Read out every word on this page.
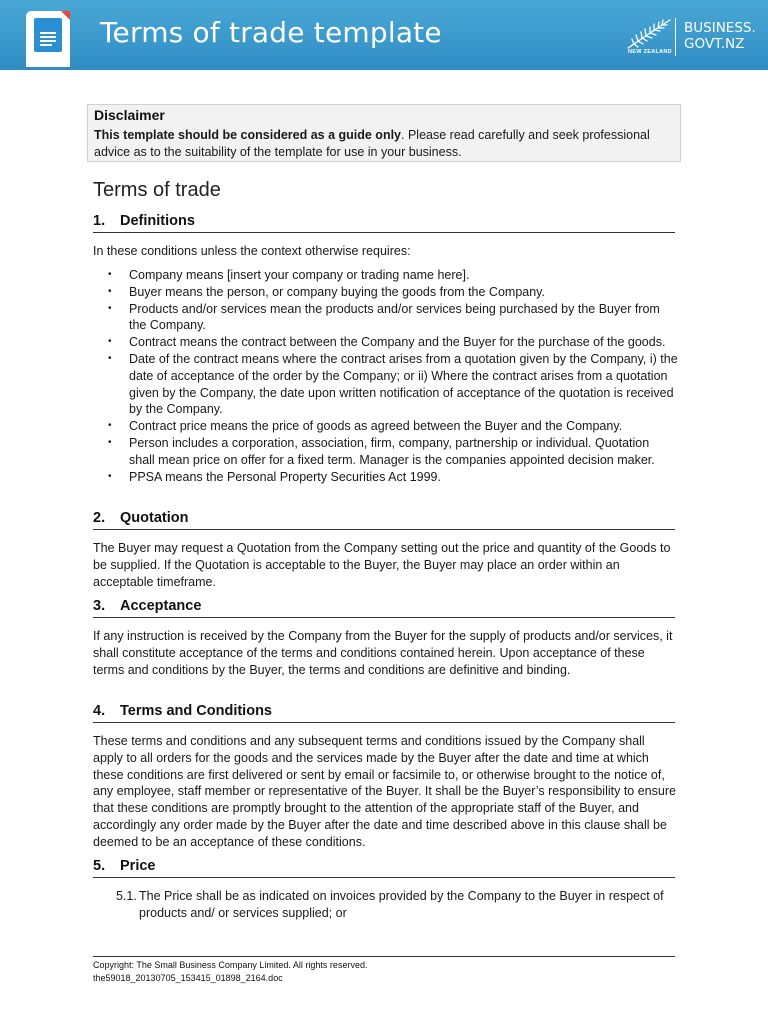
Terms of trade template
NEW ZEALAND
BUSINESS.
GOVT.NZ
Disclaimer

This template should be considered as a guide only. Please read carefully and seek professional advice as to the suitability of the template for use in your business.

Terms of trade
1. Definitions
In these conditions unless the context otherwise requires:
• Company means [insert your company or trading name here].
• Buyer means the person, or company buying the goods from the Company.
• Products and/or services mean the products and/or services being purchased by the Buyer from the Company.
• Contract means the contract between the Company and the Buyer for the purchase of the goods.
• Date of the contract means where the contract arises from a quotation given by the Company, i) the date of acceptance of the order by the Company; or ii) Where the contract arises from a quotation given by the Company, the date upon written notification of acceptance of the quotation is received by the Company.
• Contract price means the price of goods as agreed between the Buyer and the Company.
• Person includes a corporation, association, firm, company, partnership or individual. Quotation shall mean price on offer for a fixed term. Manager is the companies appointed decision maker.
• PPSA means the Personal Property Securities Act 1999.
2. Quotation
The Buyer may request a Quotation from the Company setting out the price and quantity of the Goods to be supplied. If the Quotation is acceptable to the Buyer, the Buyer may place an order within an acceptable timeframe.
3. Acceptance
If any instruction is received by the Company from the Buyer for the supply of products and/or services, it shall constitute acceptance of the terms and conditions contained herein. Upon acceptance of these terms and conditions by the Buyer, the terms and conditions are definitive and binding.
4. Terms and Conditions
These terms and conditions and any subsequent terms and conditions issued by the Company shall apply to all orders for the goods and the services made by the Buyer after the date and time at which these conditions are first delivered or sent by email or facsimile to, or otherwise brought to the notice of, any employee, staff member or representative of the Buyer. It shall be the Buyer’s responsibility to ensure that these conditions are promptly brought to the attention of the appropriate staff of the Buyer, and accordingly any order made by the Buyer after the date and time described above in this clause shall be deemed to be an acceptance of these conditions.
5. Price
5.1. The Price shall be as indicated on invoices provided by the Company to the Buyer in respect of products and/ or services supplied; or
Copyright: The Small Business Company Limited. All rights reserved.
the59018_20130705_153415_01898_2164.doc
